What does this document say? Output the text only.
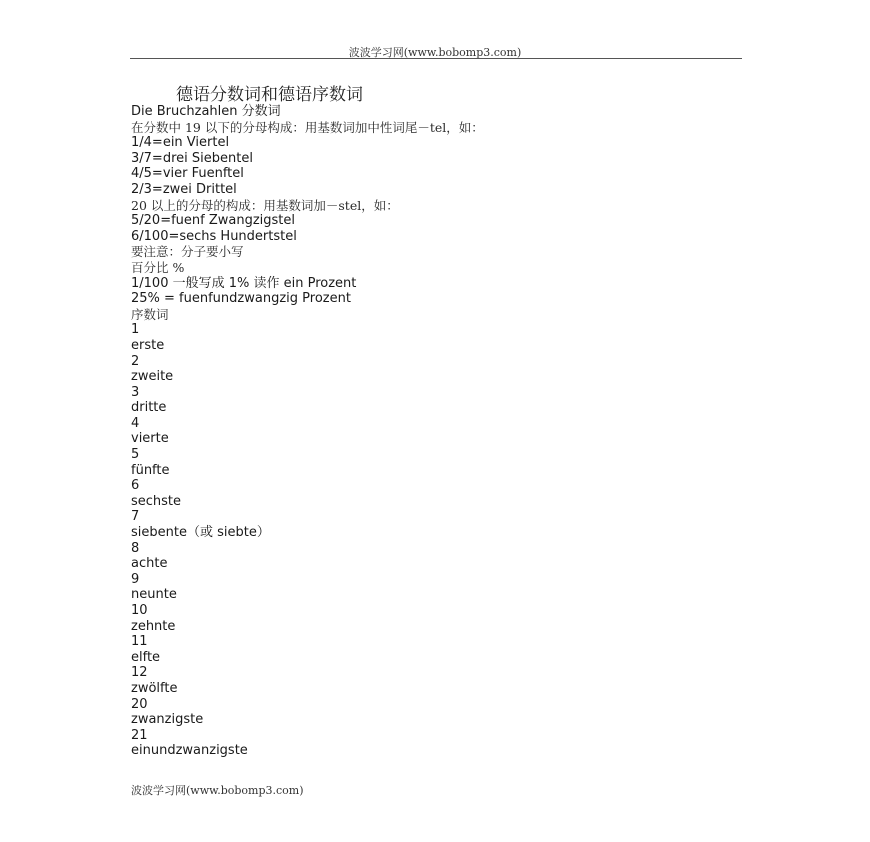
波波学习网(www.bobomp3.com)
德语分数词和德语序数词
Die Bruchzahlen 分数词
在分数中 19 以下的分母构成：用基数词加中性词尾－tel，如：
1/4=ein Viertel
3/7=drei Siebentel
4/5=vier Fuenftel
2/3=zwei Drittel
20 以上的分母的构成：用基数词加－stel，如：
5/20=fuenf Zwangzigstel
6/100=sechs Hundertstel
要注意：分子要小写
百分比 %
1/100 一般写成 1% 读作 ein Prozent
25% = fuenfundzwangzig Prozent
序数词
1
erste
2
zweite
3
dritte
4
vierte
5
fünfte
6
sechste
7
siebente（或 siebte）
8
achte
9
neunte
10
zehnte
11
elfte
12
zwölfte
20
zwanzigste
21
einundzwanzigste
波波学习网(www.bobomp3.com)
